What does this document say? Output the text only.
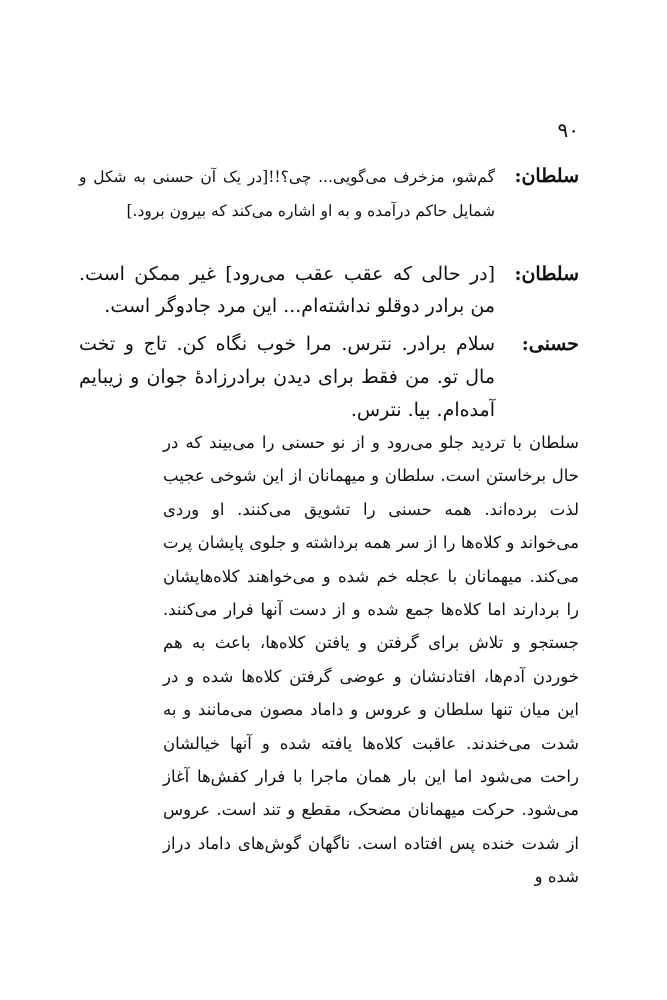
۹۰
سلطان:
گم‌شو، مزخرف می‌گویی... چی؟!![در یک آن حسنی به شکل و شمایل حاکم درآمده و به او اشاره می‌کند که بیرون برود.]
سلطان:
[در حالی که عقب عقب می‌رود] غیر ممکن است. من برادر دوقلو نداشته‌ام... این مرد جادوگر است.
حسنی:
سلام برادر. نترس. مرا خوب نگاه کن. تاج و تخت مال تو. من فقط برای دیدن برادرزادهٔ جوان و زیبایم آمده‌ام. بیا. نترس.
سلطان با تردید جلو می‌رود و از نو حسنی را می‌بیند که در حال برخاستن است. سلطان و میهمانان از این شوخی عجیب لذت برده‌اند. همه حسنی را تشویق می‌کنند. او وردی می‌خواند و کلاه‌ها را از سر همه برداشته و جلوی پایشان پرت می‌کند. میهمانان با عجله خم شده و می‌خواهند کلاه‌هایشان را بردارند اما کلاه‌ها جمع شده و از دست آنها فرار می‌کنند. جستجو و تلاش برای گرفتن و یافتن کلاه‌ها، باعث به هم خوردن آدم‌ها، افتادنشان و عوضی گرفتن کلاه‌ها شده و در این میان تنها سلطان و عروس و داماد مصون می‌مانند و به شدت می‌خندند. عاقبت کلاه‌ها یافته شده و آنها خیالشان راحت می‌شود اما این بار همان ماجرا با فرار کفش‌ها آغاز می‌شود. حرکت میهمانان مضحک، مقطع و تند است. عروس از شدت خنده پس افتاده است. ناگهان گوش‌های داماد دراز شده و
